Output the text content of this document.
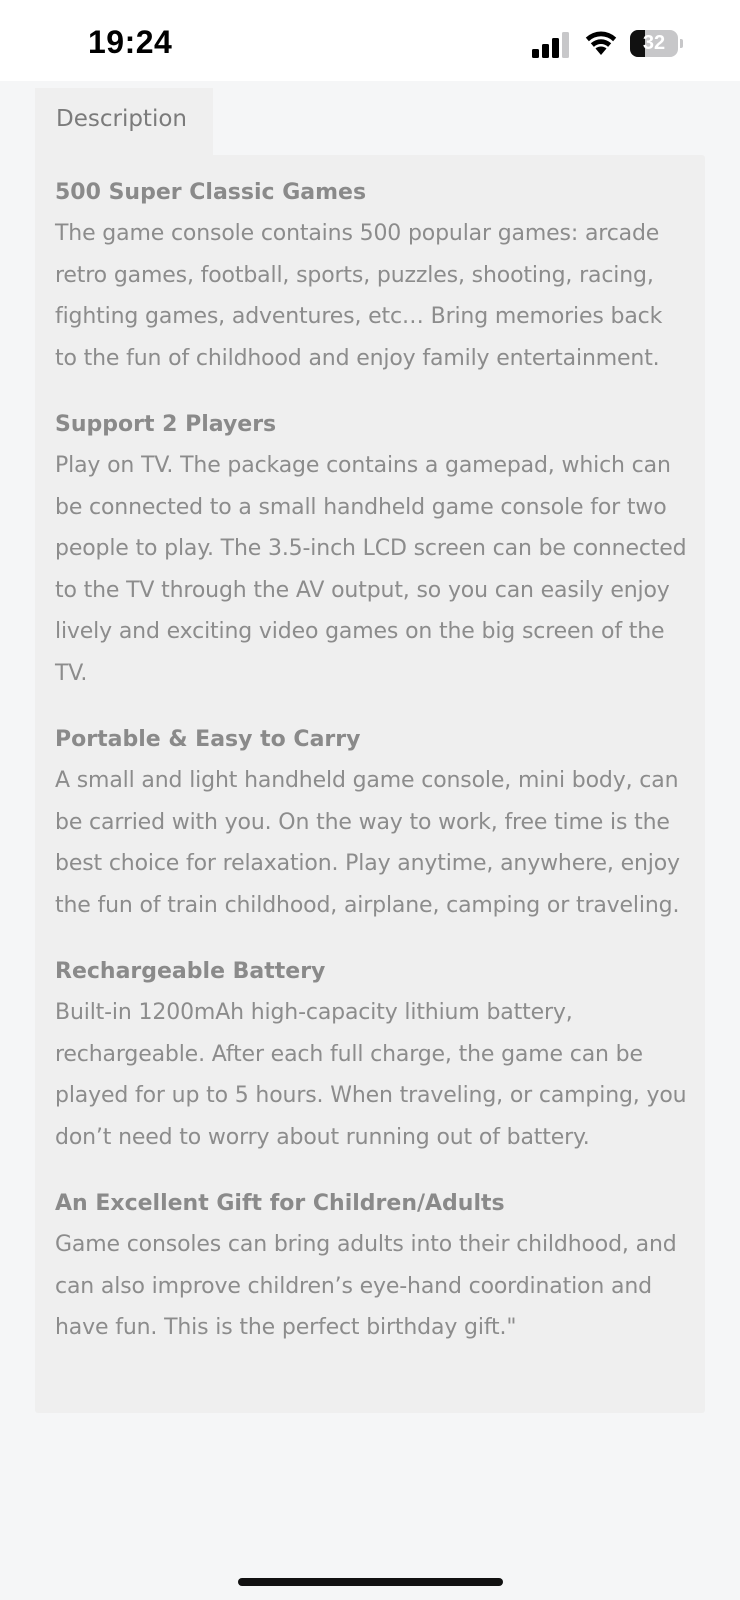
19:24	32
Description

500 Super Classic Games

The game console contains 500 popular games: arcade retro games, football, sports, puzzles, shooting, racing, fighting games, adventures, etc… Bring memories back to the fun of childhood and enjoy family entertainment.

Support 2 Players

Play on TV. The package contains a gamepad, which can be connected to a small handheld game console for two people to play. The 3.5-inch LCD screen can be connected to the TV through the AV output, so you can easily enjoy lively and exciting video games on the big screen of the TV.

Portable & Easy to Carry

A small and light handheld game console, mini body, can be carried with you. On the way to work, free time is the best choice for relaxation. Play anytime, anywhere, enjoy the fun of train childhood, airplane, camping or traveling.

Rechargeable Battery

Built-in 1200mAh high-capacity lithium battery, rechargeable. After each full charge, the game can be played for up to 5 hours. When traveling, or camping, you don’t need to worry about running out of battery.

An Excellent Gift for Children/Adults

Game consoles can bring adults into their childhood, and can also improve children’s eye-hand coordination and have fun. This is the perfect birthday gift."
